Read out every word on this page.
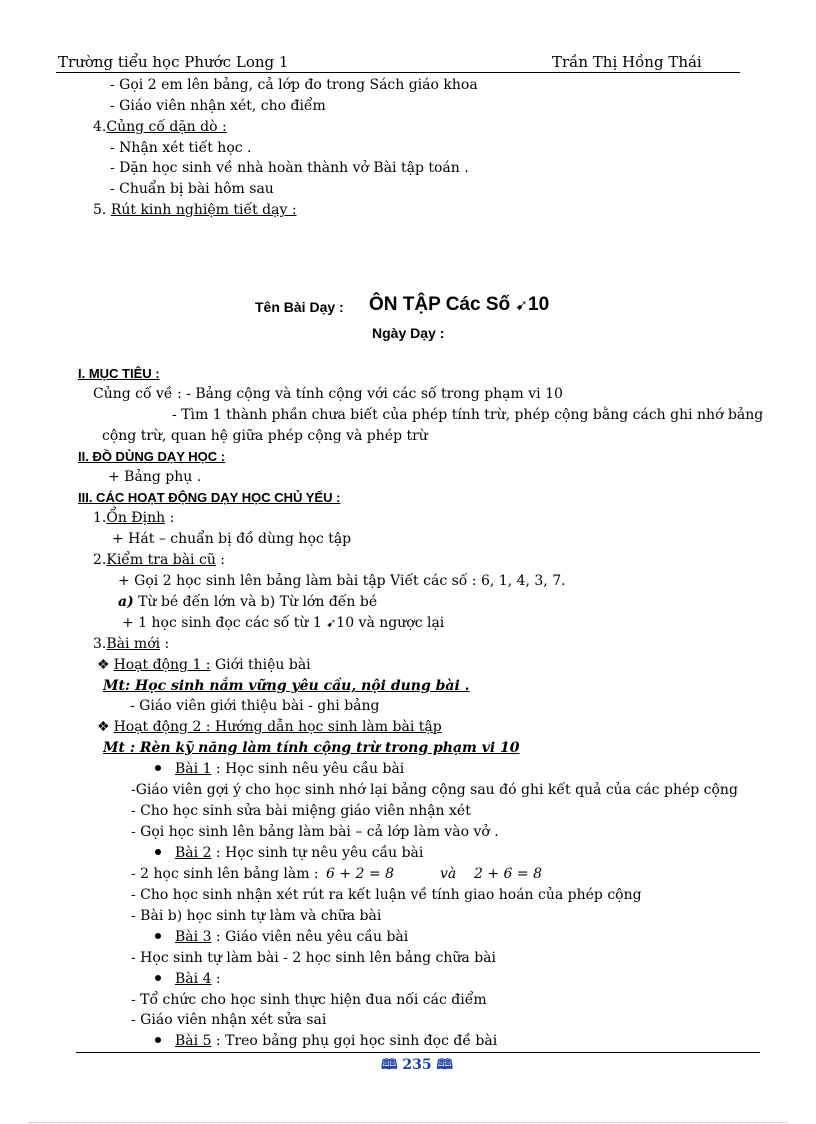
Trường tiểu học Phước Long 1	Trần Thị Hồng Thái
- Gọi 2 em lên bảng, cả lớp đo trong Sách giáo khoa
- Giáo viên nhận xét, cho điểm
4.Củng cố dặn dò :
- Nhận xét tiết học .
- Dặn học sinh về nhà hoàn thành vở Bài tập toán .
- Chuẩn bị bài hôm sau
5. Rút kinh nghiệm tiết dạy :
Tên Bài Dạy : ÔN TẬP Các Số ➹10
Ngày Dạy :
I. MỤC TIÊU :
Củng cố về : - Bảng cộng và tính cộng với các số trong phạm vi 10
- Tìm 1 thành phần chưa biết của phép tính trừ, phép cộng bằng cách ghi nhớ bảng
cộng trừ, quan hệ giữa phép cộng và phép trừ
II. ĐỒ DÙNG DẠY HỌC :
+ Bảng phụ .
III. CÁC HOẠT ĐỘNG DẠY HỌC CHỦ YẾU :
1.Ổn Định :
+ Hát – chuẩn bị đồ dùng học tập
2.Kiểm tra bài cũ :
+ Gọi 2 học sinh lên bảng làm bài tập Viết các số : 6, 1, 4, 3, 7.
a) Từ bé đến lớn và b) Từ lớn đến bé
+ 1 học sinh đọc các số từ 1 ➹10 và ngược lại
3.Bài mới :
❖ Hoạt động 1 : Giới thiệu bài
Mt: Học sinh nắm vững yêu cầu, nội dung bài .
- Giáo viên giới thiệu bài - ghi bảng
❖ Hoạt động 2 : Hướng dẫn học sinh làm bài tập
Mt : Rèn kỹ năng làm tính cộng trừ trong phạm vi 10
Bài 1 : Học sinh nêu yêu cầu bài
-Giáo viên gợi ý cho học sinh nhớ lại bảng cộng sau đó ghi kết quả của các phép cộng
- Cho học sinh sửa bài miệng giáo viên nhận xét
- Gọi học sinh lên bảng làm bài – cả lớp làm vào vở .
Bài 2 : Học sinh tự nêu yêu cầu bài
- 2 học sinh lên bảng làm : 6 + 2 = 8	và 2 + 6 = 8
- Cho học sinh nhận xét rút ra kết luận về tính giao hoán của phép cộng
- Bài b) học sinh tự làm và chữa bài
Bài 3 : Giáo viên nêu yêu cầu bài
- Học sinh tự làm bài - 2 học sinh lên bảng chữa bài
Bài 4 :
- Tổ chức cho học sinh thực hiện đua nối các điểm
- Giáo viên nhận xét sửa sai
Bài 5 : Treo bảng phụ gọi học sinh đọc đề bài
🕮 235 🕮
